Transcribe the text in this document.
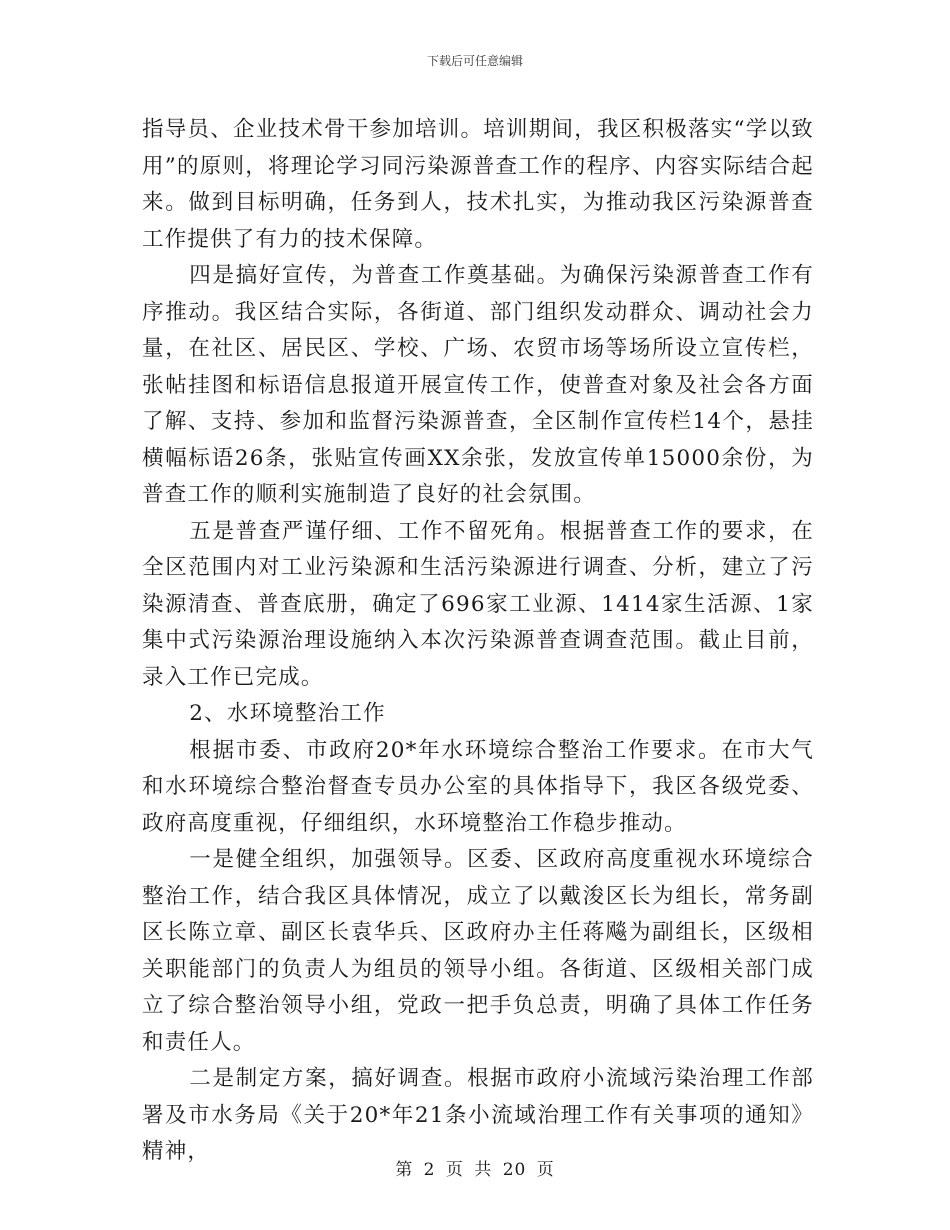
下载后可任意编辑

指导员、企业技术骨干参加培训。培训期间，我区积极落实“学以致用”的原则，将理论学习同污染源普查工作的程序、内容实际结合起来。做到目标明确，任务到人，技术扎实，为推动我区污染源普查工作提供了有力的技术保障。

四是搞好宣传，为普查工作奠基础。为确保污染源普查工作有序推动。我区结合实际，各街道、部门组织发动群众、调动社会力量，在社区、居民区、学校、广场、农贸市场等场所设立宣传栏，张帖挂图和标语信息报道开展宣传工作，使普查对象及社会各方面了解、支持、参加和监督污染源普查，全区制作宣传栏14个，悬挂横幅标语26条，张贴宣传画XX余张，发放宣传单15000余份，为普查工作的顺利实施制造了良好的社会氛围。

五是普查严谨仔细、工作不留死角。根据普查工作的要求，在全区范围内对工业污染源和生活污染源进行调查、分析，建立了污染源清查、普查底册，确定了696家工业源、1414家生活源、1家集中式污染源治理设施纳入本次污染源普查调查范围。截止目前，录入工作已完成。

2、水环境整治工作

根据市委、市政府20*年水环境综合整治工作要求。在市大气和水环境综合整治督查专员办公室的具体指导下，我区各级党委、政府高度重视，仔细组织，水环境整治工作稳步推动。

一是健全组织，加强领导。区委、区政府高度重视水环境综合整治工作，结合我区具体情况，成立了以戴浚区长为组长，常务副区长陈立章、副区长袁华兵、区政府办主任蒋飚为副组长，区级相关职能部门的负责人为组员的领导小组。各街道、区级相关部门成立了综合整治领导小组，党政一把手负总责，明确了具体工作任务和责任人。

二是制定方案，搞好调查。根据市政府小流域污染治理工作部署及市水务局《关于20*年21条小流域治理工作有关事项的通知》精神，

第 2 页 共 20 页
